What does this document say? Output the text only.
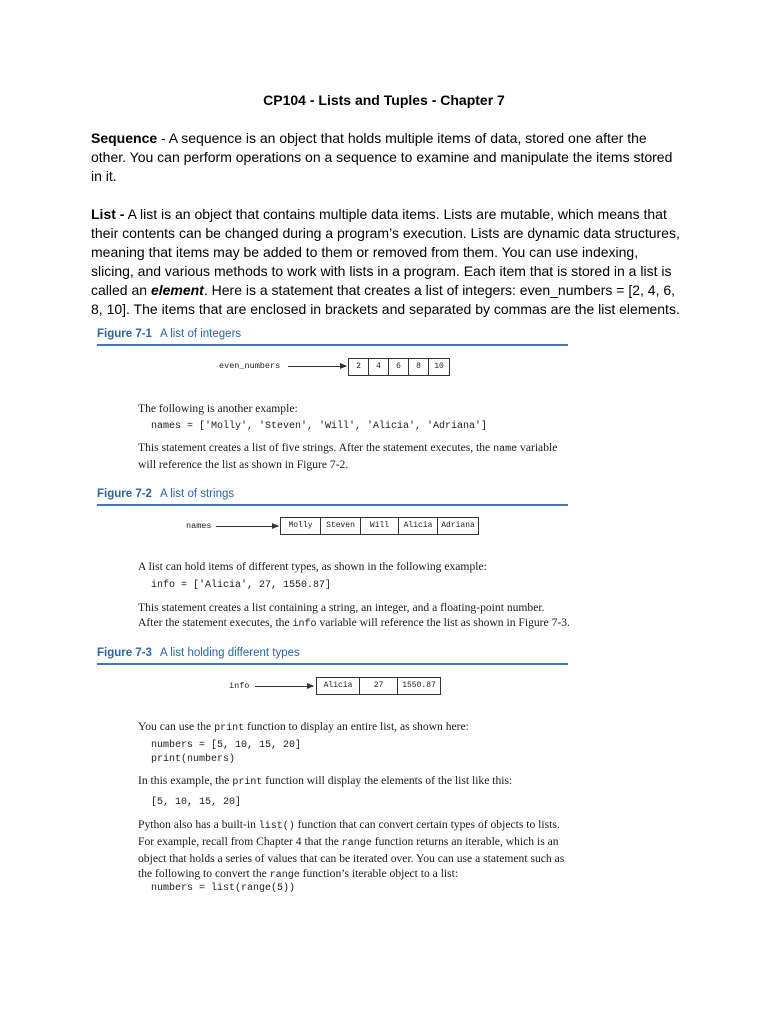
CP104 - Lists and Tuples - Chapter 7
Sequence - A sequence is an object that holds multiple items of data, stored one after the other. You can perform operations on a sequence to examine and manipulate the items stored in it.
List - A list is an object that contains multiple data items. Lists are mutable, which means that their contents can be changed during a program’s execution. Lists are dynamic data structures, meaning that items may be added to them or removed from them. You can use indexing, slicing, and various methods to work with lists in a program. Each item that is stored in a list is called an element. Here is a statement that creates a list of integers: even_numbers = [2, 4, 6, 8, 10]. The items that are enclosed in brackets and separated by commas are the list elements.
Figure 7-1 A list of integers
even_numbers	2	4	6	8	10
The following is another example:
names = ['Molly', 'Steven', 'Will', 'Alicia', 'Adriana']
This statement creates a list of five strings. After the statement executes, the name variable will reference the list as shown in Figure 7-2.
Figure 7-2 A list of strings
names	Molly	Steven	Will	Alicia	Adriana
A list can hold items of different types, as shown in the following example:
info = ['Alicia', 27, 1550.87]
This statement creates a list containing a string, an integer, and a floating-point number. After the statement executes, the info variable will reference the list as shown in Figure 7-3.
Figure 7-3 A list holding different types
info	Alicia	27	1550.87
You can use the print function to display an entire list, as shown here:
numbers = [5, 10, 15, 20]
print(numbers)
In this example, the print function will display the elements of the list like this:
[5, 10, 15, 20]
Python also has a built-in list() function that can convert certain types of objects to lists. For example, recall from Chapter 4 that the range function returns an iterable, which is an object that holds a series of values that can be iterated over. You can use a statement such as the following to convert the range function’s iterable object to a list:
numbers = list(range(5))
